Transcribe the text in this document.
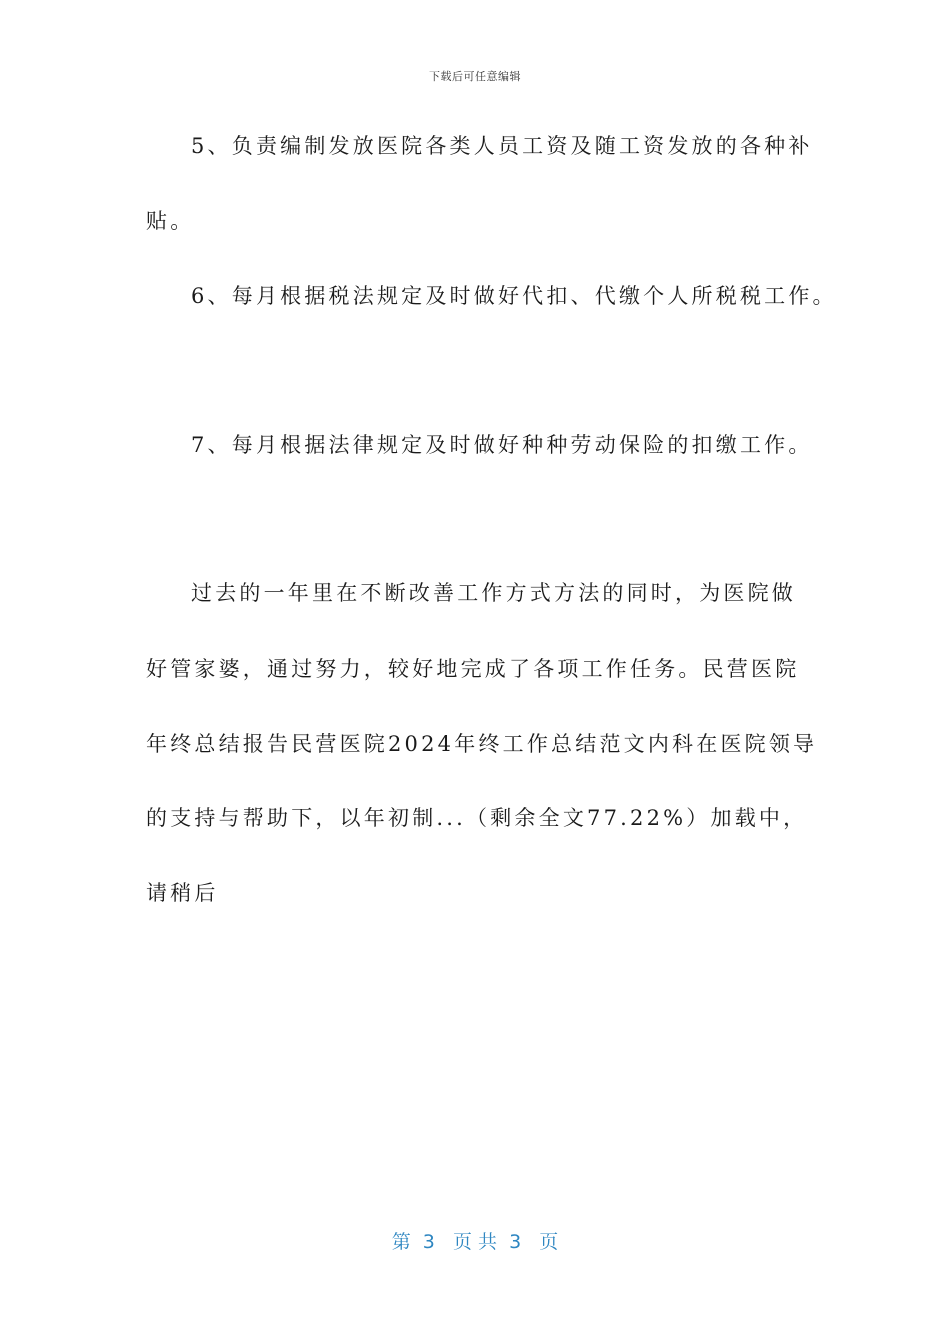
下载后可任意编辑
5、负责编制发放医院各类人员工资及随工资发放的各种补
贴。
6、每月根据税法规定及时做好代扣、代缴个人所税税工作。
7、每月根据法律规定及时做好种种劳动保险的扣缴工作。
过去的一年里在不断改善工作方式方法的同时，为医院做
好管家婆，通过努力，较好地完成了各项工作任务。民营医院
年终总结报告民营医院2024年终工作总结范文内科在医院领导
的支持与帮助下，以年初制...（剩余全文77.22%）加载中，
请稍后
第  3   页 共  3   页
